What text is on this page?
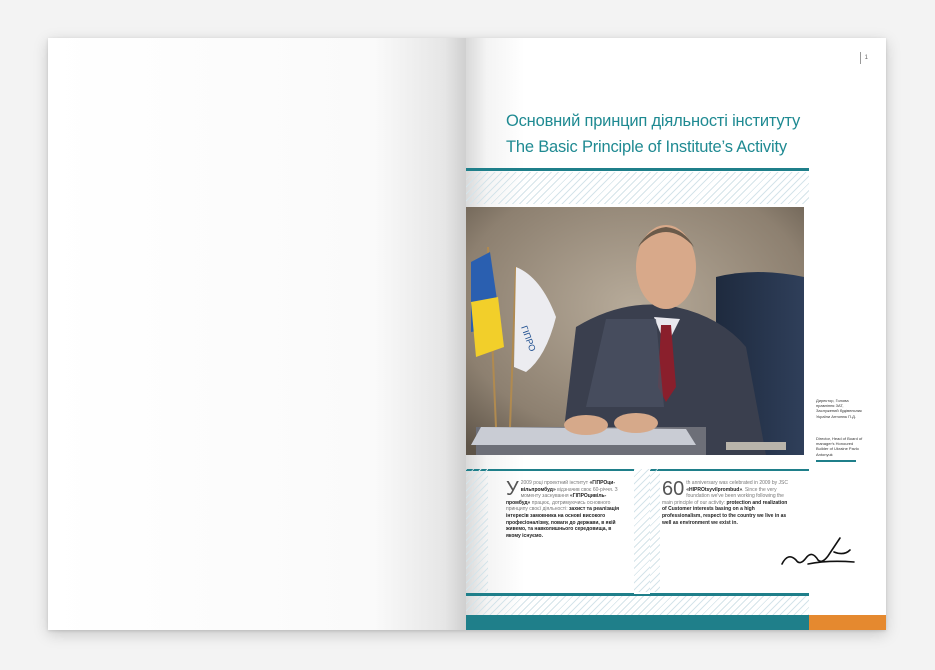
1
Основний принцип діяльності інституту
The Basic Principle of Institute’s Activity
ГІПРО
Директор, Голова правління ЗАТ, Заслужений будівельник України Антонюк П.Д.
Director, Head of Board of manager's Honoured Builder of Ukraine Pavlo Antonyuk
У 2009 році проектний інститут «ГІПРОци-вільпромбуд» відзначив своє 60-річчя. З моменту заснування «ГІПРОцивіль-промбуд» працює, дотримуючись основного принципу своєї діяльності: захист та реалізація інтересів замовника на основі високого професіоналізму, поваги до держави, в якій живемо, та навколишнього середовища, в якому існуємо.
60 th anniversary was celebrated in 2009 by JSC «HIPROtsyvilprombud». Since the very foundation we've been working following the main principle of our activity: protection and realization of Customer interests basing on a high professionalism, respect to the country we live in as well as environment we exist in.
